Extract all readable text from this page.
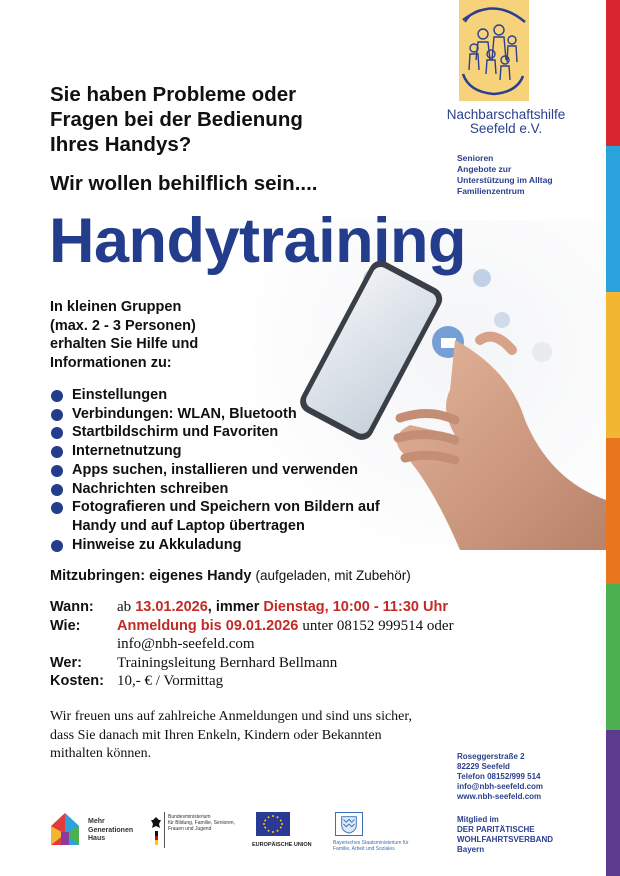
Nachbarschaftshilfe
Seefeld e.V.
Senioren
Angebote zur
Unterstützung im Alltag
Familienzentrum
Sie haben Probleme oder
Fragen bei der Bedienung
Ihres Handys?
Wir wollen behilflich sein....
Handytraining
In kleinen Gruppen
(max. 2 - 3 Personen)
erhalten Sie Hilfe und
Informationen zu:
Einstellungen
Verbindungen: WLAN, Bluetooth
Startbildschirm und Favoriten
Internetnutzung
Apps suchen, installieren und verwenden
Nachrichten schreiben
Fotografieren und Speichern von Bildern auf Handy und auf Laptop übertragen
Hinweise zu Akkuladung
Mitzubringen: eigenes Handy (aufgeladen, mit Zubehör)
Wann: ab 13.01.2026, immer Dienstag, 10:00 - 11:30 Uhr
Wie:	Anmeldung bis 09.01.2026 unter 08152 999514 oder
info@nbh-seefeld.com
Wer: Trainingsleitung Bernhard Bellmann
Kosten: 10,- € / Vormittag
Wir freuen uns auf zahlreiche Anmeldungen und sind uns sicher,
dass Sie danach mit Ihren Enkeln, Kindern oder Bekannten
mithalten können.	Roseggerstraße 2
82229 Seefeld
Telefon 08152/999 514
info@nbh-seefeld.com
www.nbh-seefeld.com
Mitglied im
DER PARITÄTISCHE
WOHLFAHRTSVERBAND
Bayern
Mehr
Generationen
Haus
Bundesministerium
für Bildung, Familie, Senioren,
Frauen und Jugend
EUROPÄISCHE UNION	Bayerisches Staatsministerium für
Familie, Arbeit und Soziales
